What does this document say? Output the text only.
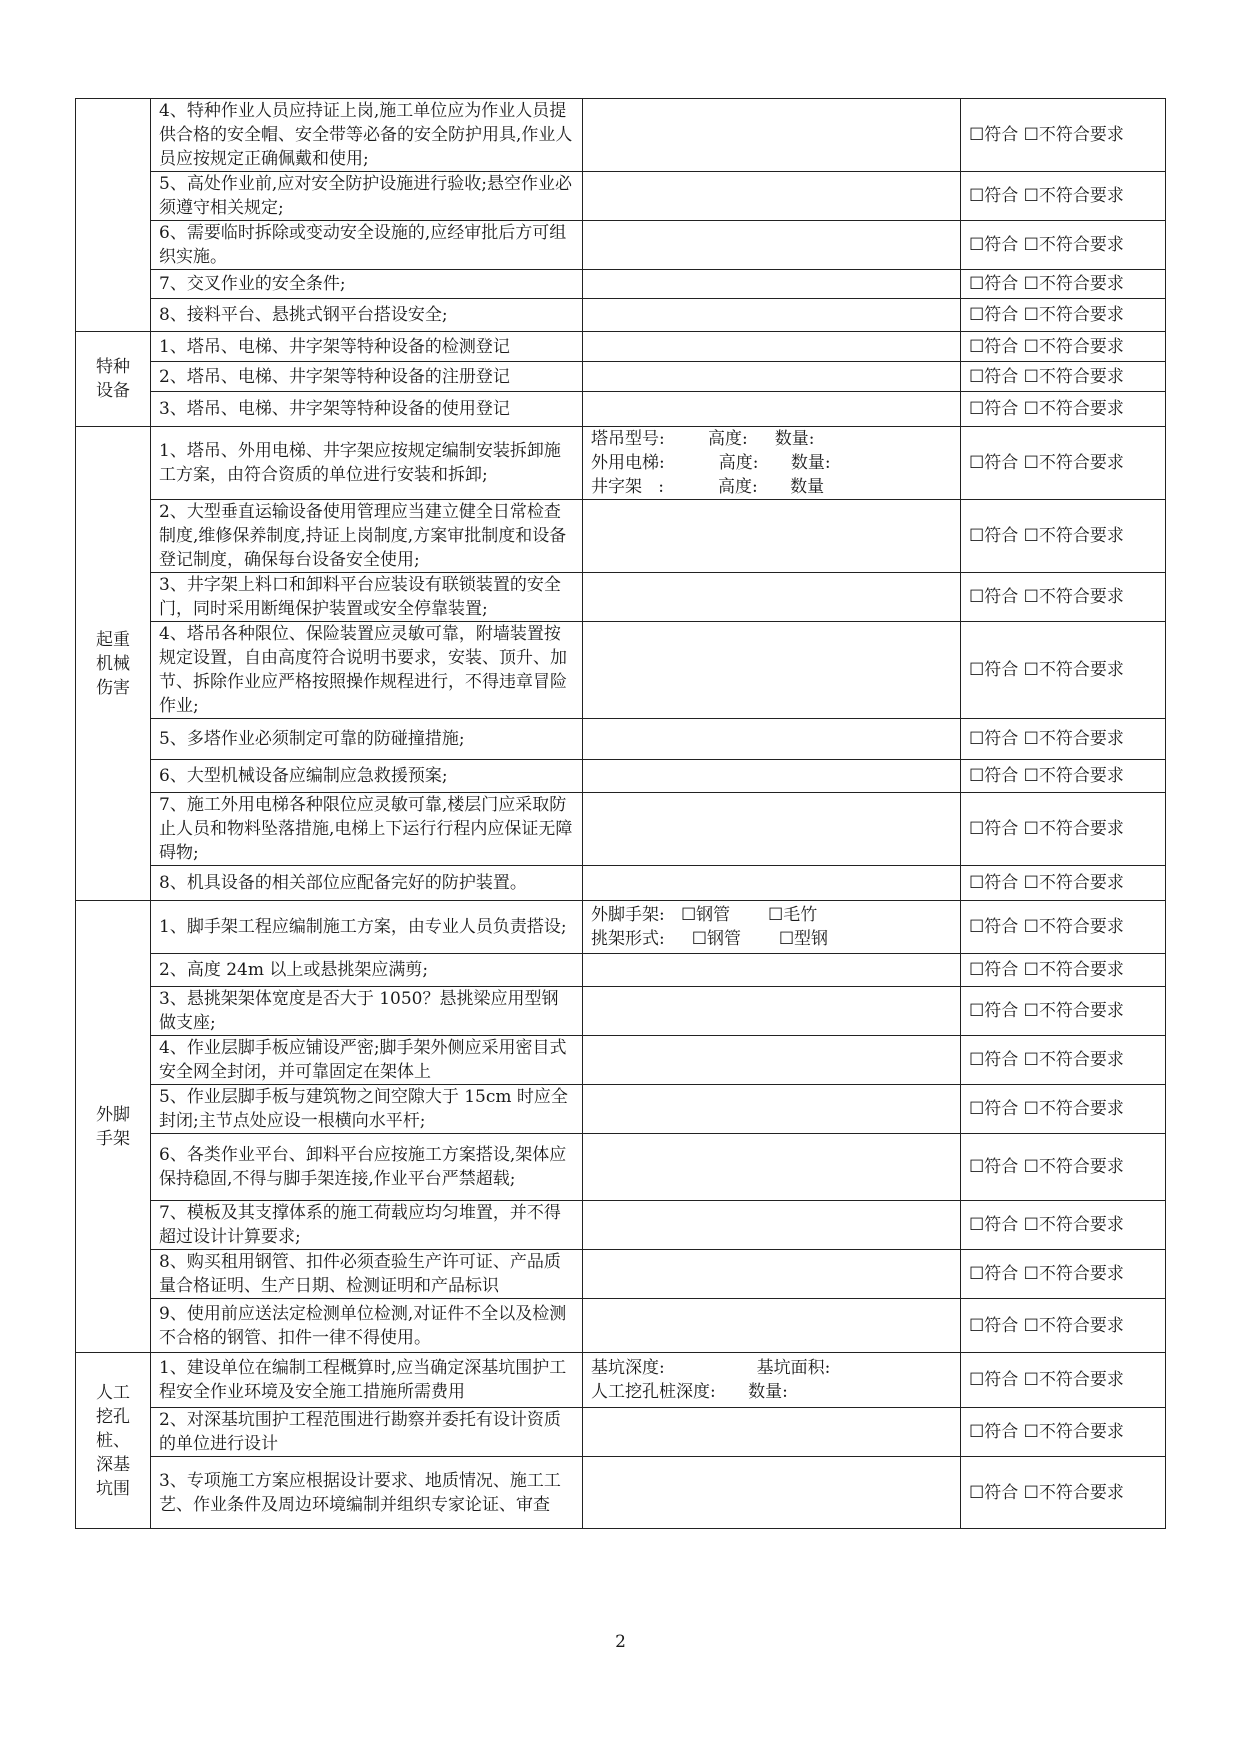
	4、特种作业人员应持证上岗,施工单位应为作业人员提供合格的安全帽、安全带等必备的安全防护用具,作业人员应按规定正确佩戴和使用;		☐符合 ☐不符合要求
	5、高处作业前,应对安全防护设施进行验收;悬空作业必须遵守相关规定;		☐符合 ☐不符合要求
	6、需要临时拆除或变动安全设施的,应经审批后方可组织实施。		☐符合 ☐不符合要求
	7、交叉作业的安全条件;		☐符合 ☐不符合要求
	8、接料平台、悬挑式钢平台搭设安全;		☐符合 ☐不符合要求

特种
设备	1、塔吊、电梯、井字架等特种设备的检测登记		☐符合 ☐不符合要求
	2、塔吊、电梯、井字架等特种设备的注册登记		☐符合 ☐不符合要求
	3、塔吊、电梯、井字架等特种设备的使用登记		☐符合 ☐不符合要求

起重
机械
伤害	1、塔吊、外用电梯、井字架应按规定编制安装拆卸施工方案，由符合资质的单位进行安装和拆卸;	塔吊型号:        高度:     数量:
外用电梯:          高度:      数量:
井字架   :          高度:      数量	☐符合 ☐不符合要求
	2、大型垂直运输设备使用管理应当建立健全日常检查制度,维修保养制度,持证上岗制度,方案审批制度和设备登记制度，确保每台设备安全使用;		☐符合 ☐不符合要求
	3、井字架上料口和卸料平台应装设有联锁装置的安全门，同时采用断绳保护装置或安全停靠装置;		☐符合 ☐不符合要求
	4、塔吊各种限位、保险装置应灵敏可靠，附墙装置按规定设置，自由高度符合说明书要求，安装、顶升、加节、拆除作业应严格按照操作规程进行，不得违章冒险作业;		☐符合 ☐不符合要求
	5、多塔作业必须制定可靠的防碰撞措施;		☐符合 ☐不符合要求
	6、大型机械设备应编制应急救援预案;		☐符合 ☐不符合要求
	7、施工外用电梯各种限位应灵敏可靠,楼层门应采取防止人员和物料坠落措施,电梯上下运行行程内应保证无障碍物;		☐符合 ☐不符合要求
	8、机具设备的相关部位应配备完好的防护装置。		☐符合 ☐不符合要求

外脚
手架	1、脚手架工程应编制施工方案，由专业人员负责搭设;	外脚手架:   ☐钢管       ☐毛竹
挑架形式:     ☐钢管       ☐型钢	☐符合 ☐不符合要求
	2、高度 24m 以上或悬挑架应满剪;		☐符合 ☐不符合要求
	3、悬挑架架体宽度是否大于 1050？悬挑梁应用型钢做支座;		☐符合 ☐不符合要求
	4、作业层脚手板应铺设严密;脚手架外侧应采用密目式安全网全封闭，并可靠固定在架体上		☐符合 ☐不符合要求
	5、作业层脚手板与建筑物之间空隙大于 15cm 时应全封闭;主节点处应设一根横向水平杆;		☐符合 ☐不符合要求
	6、各类作业平台、卸料平台应按施工方案搭设,架体应保持稳固,不得与脚手架连接,作业平台严禁超载;		☐符合 ☐不符合要求
	7、模板及其支撑体系的施工荷载应均匀堆置，并不得超过设计计算要求;		☐符合 ☐不符合要求
	8、购买租用钢管、扣件必须查验生产许可证、产品质量合格证明、生产日期、检测证明和产品标识		☐符合 ☐不符合要求
	9、使用前应送法定检测单位检测,对证件不全以及检测不合格的钢管、扣件一律不得使用。		☐符合 ☐不符合要求

人工
挖孔
桩、
深基
坑围	1、建设单位在编制工程概算时,应当确定深基坑围护工程安全作业环境及安全施工措施所需费用	基坑深度:                 基坑面积:
人工挖孔桩深度:      数量:	☐符合 ☐不符合要求
	2、对深基坑围护工程范围进行勘察并委托有设计资质的单位进行设计		☐符合 ☐不符合要求
	3、专项施工方案应根据设计要求、地质情况、施工工艺、作业条件及周边环境编制并组织专家论证、审查		☐符合 ☐不符合要求
2
